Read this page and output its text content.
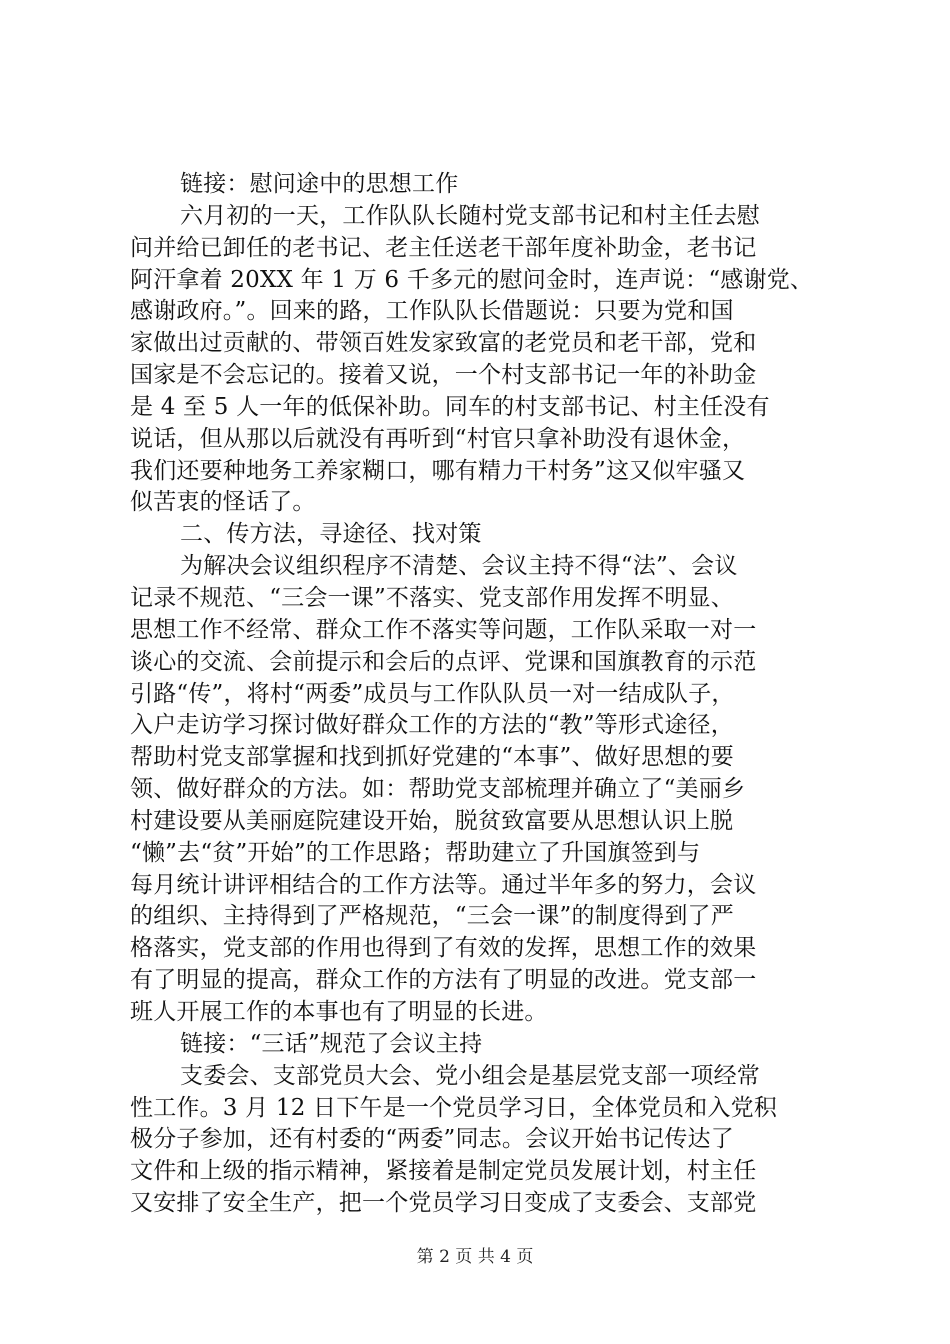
链接：慰问途中的思想工作
六月初的一天，工作队队长随村党支部书记和村主任去慰
问并给已卸任的老书记、老主任送老干部年度补助金，老书记
阿汗拿着 20XX 年 1 万 6 千多元的慰问金时，连声说：“感谢党、
感谢政府。”。回来的路，工作队队长借题说：只要为党和国
家做出过贡献的、带领百姓发家致富的老党员和老干部，党和
国家是不会忘记的。接着又说，一个村支部书记一年的补助金
是 4 至 5 人一年的低保补助。同车的村支部书记、村主任没有
说话，但从那以后就没有再听到“村官只拿补助没有退休金，
我们还要种地务工养家糊口，哪有精力干村务”这又似牢骚又
似苦衷的怪话了。
二、传方法，寻途径、找对策
为解决会议组织程序不清楚、会议主持不得“法”、会议
记录不规范、“三会一课”不落实、党支部作用发挥不明显、
思想工作不经常、群众工作不落实等问题，工作队采取一对一
谈心的交流、会前提示和会后的点评、党课和国旗教育的示范
引路“传”，将村“两委”成员与工作队队员一对一结成队子，
入户走访学习探讨做好群众工作的方法的“教”等形式途径，
帮助村党支部掌握和找到抓好党建的“本事”、做好思想的要
领、做好群众的方法。如：帮助党支部梳理并确立了“美丽乡
村建设要从美丽庭院建设开始，脱贫致富要从思想认识上脱
“懒”去“贫”开始”的工作思路；帮助建立了升国旗签到与
每月统计讲评相结合的工作方法等。通过半年多的努力，会议
的组织、主持得到了严格规范，“三会一课”的制度得到了严
格落实，党支部的作用也得到了有效的发挥，思想工作的效果
有了明显的提高，群众工作的方法有了明显的改进。党支部一
班人开展工作的本事也有了明显的长进。
链接：“三话”规范了会议主持
支委会、支部党员大会、党小组会是基层党支部一项经常
性工作。3 月 12 日下午是一个党员学习日，全体党员和入党积
极分子参加，还有村委的“两委”同志。会议开始书记传达了
文件和上级的指示精神，紧接着是制定党员发展计划，村主任
第 2 页 共 4 页
又安排了安全生产，把一个党员学习日变成了支委会、支部党
